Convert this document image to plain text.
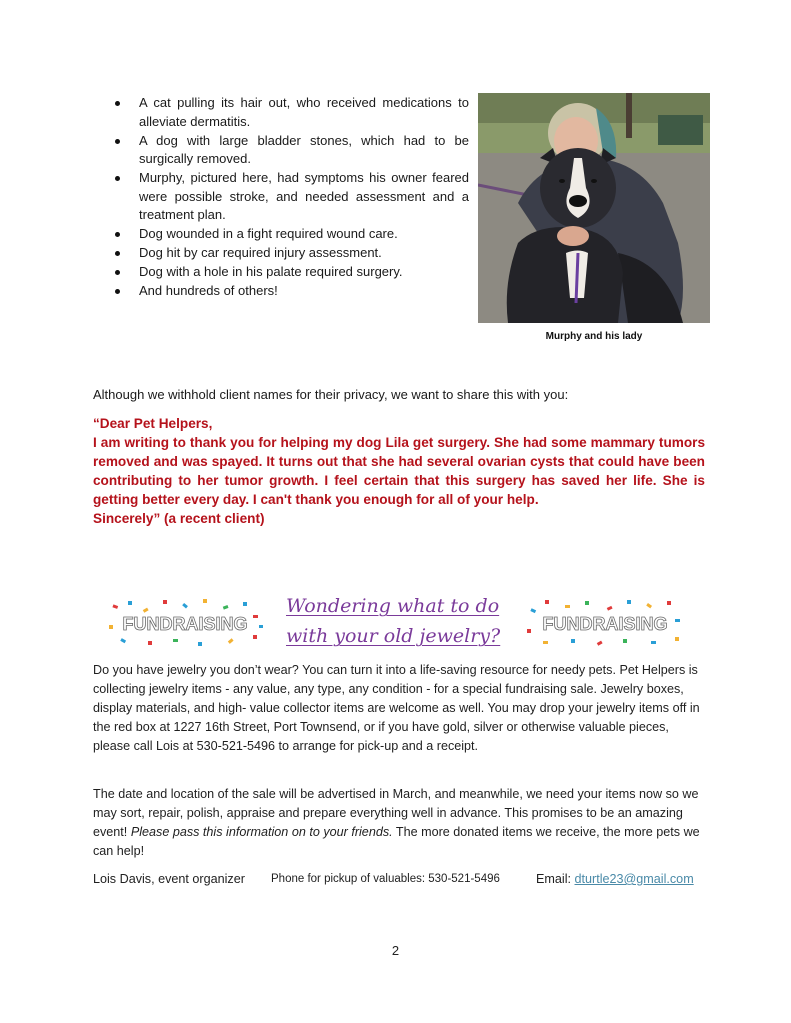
A cat pulling its hair out, who received medications to alleviate dermatitis.
A dog with large bladder stones, which had to be surgically removed.
Murphy, pictured here, had symptoms his owner feared were possible stroke, and needed assessment and a treatment plan.
Dog wounded in a fight required wound care.
Dog hit by car required injury assessment.
Dog with a hole in his palate required surgery.
And hundreds of others!
Murphy and his lady
Although we withhold client names for their privacy, we want to share this with you:

“Dear Pet Helpers,

I am writing to thank you for helping my dog Lila get surgery. She had some mammary tumors removed and was spayed. It turns out that she had several ovarian cysts that could have been contributing to her tumor growth. I feel certain that this surgery has saved her life. She is getting better every day. I can't thank you enough for all of your help.

Sincerely” (a recent client)

FUNDRAISING
Wondering what to do
with your old jewelry?
FUNDRAISING

Do you have jewelry you don’t wear? You can turn it into a life-saving resource for needy pets. Pet Helpers is collecting jewelry items - any value, any type, any condition - for a special fundraising sale. Jewelry boxes, display materials, and high- value collector items are welcome as well. You may drop your jewelry items off in the red box at 1227 16th Street, Port Townsend, or if you have gold, silver or otherwise valuable pieces, please call Lois at 530-521-5496 to arrange for pick-up and a receipt.

The date and location of the sale will be advertised in March, and meanwhile, we need your items now so we may sort, repair, polish, appraise and prepare everything well in advance. This promises to be an amazing event! Please pass this information on to your friends. The more donated items we receive, the more pets we can help!

Lois Davis, event organizer Phone for pickup of valuables: 530-521-5496	Email: dturtle23@gmail.com
2
